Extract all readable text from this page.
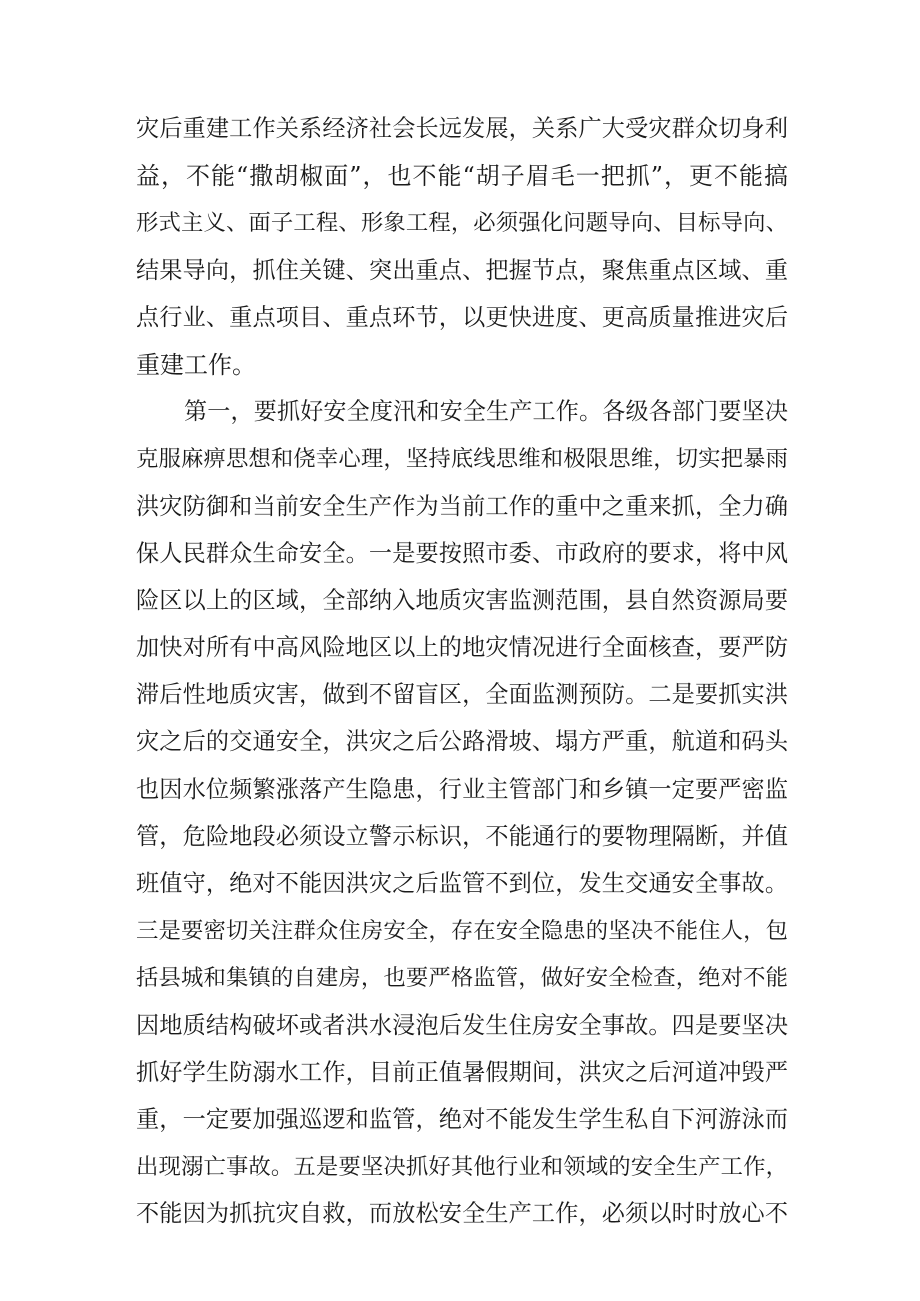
灾后重建工作关系经济社会长远发展，关系广大受灾群众切身利
益，不能“撒胡椒面”，也不能“胡子眉毛一把抓”，更不能搞
形式主义、面子工程、形象工程，必须强化问题导向、目标导向、
结果导向，抓住关键、突出重点、把握节点，聚焦重点区域、重
点行业、重点项目、重点环节，以更快进度、更高质量推进灾后
重建工作。
第一，要抓好安全度汛和安全生产工作。各级各部门要坚决
克服麻痹思想和侥幸心理，坚持底线思维和极限思维，切实把暴雨
洪灾防御和当前安全生产作为当前工作的重中之重来抓，全力确
保人民群众生命安全。一是要按照市委、市政府的要求，将中风
险区以上的区域，全部纳入地质灾害监测范围，县自然资源局要
加快对所有中高风险地区以上的地灾情况进行全面核查，要严防
滞后性地质灾害，做到不留盲区，全面监测预防。二是要抓实洪
灾之后的交通安全，洪灾之后公路滑坡、塌方严重，航道和码头
也因水位频繁涨落产生隐患，行业主管部门和乡镇一定要严密监
管，危险地段必须设立警示标识，不能通行的要物理隔断，并值
班值守，绝对不能因洪灾之后监管不到位，发生交通安全事故。
三是要密切关注群众住房安全，存在安全隐患的坚决不能住人，包
括县城和集镇的自建房，也要严格监管，做好安全检查，绝对不能
因地质结构破坏或者洪水浸泡后发生住房安全事故。四是要坚决
抓好学生防溺水工作，目前正值暑假期间，洪灾之后河道冲毁严
重，一定要加强巡逻和监管，绝对不能发生学生私自下河游泳而
出现溺亡事故。五是要坚决抓好其他行业和领域的安全生产工作，
不能因为抓抗灾自救，而放松安全生产工作，必须以时时放心不
